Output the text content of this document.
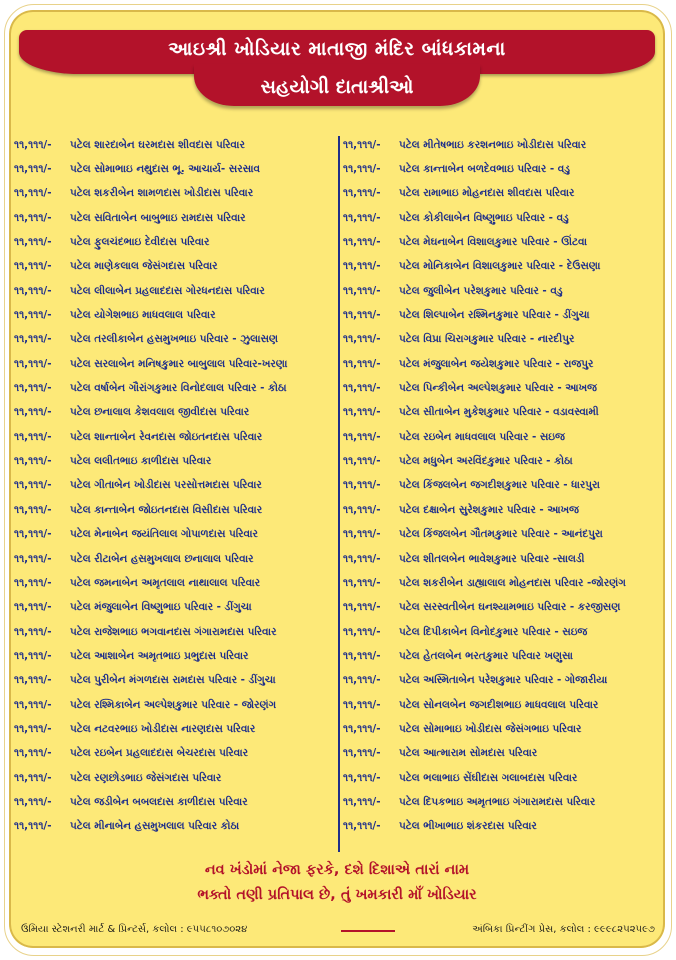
આઇશ્રી ખોડિયાર માતાજી મંદિર બાંધકામના
સહયોગી દાતાશ્રીઓ
૧૧,૧૧૧/-	પટેલ શારદાબેન ઘરમદાસ શીવદાસ પરિવાર
૧૧,૧૧૧/-	પટેલ સોમાભાઇ નથુદાસ ભૂ. આચાર્ય- સરસાવ
૧૧,૧૧૧/-	પટેલ શકરીબેન શામળદાસ ખોડીદાસ પરિવાર
૧૧,૧૧૧/-	પટેલ સવિતાબેન બાબુભાઇ રામદાસ પરિવાર
૧૧,૧૧૧/-	પટેલ ફુલચંદભાઇ દેવીદાસ પરિવાર
૧૧,૧૧૧/-	પટેલ માણેકલાલ જેસંગદાસ પરિવાર
૧૧,૧૧૧/-	પટેલ લીલાબેન પ્રહલાદદાસ ગોરધનદાસ પરિવાર
૧૧,૧૧૧/-	પટેલ યોગેશભાઇ માધવલાલ પરિવાર
૧૧,૧૧૧/-	પટેલ તરલીકાબેન હસમુખભાઇ પરિવાર - ઝુલાસણ
૧૧,૧૧૧/-	પટેલ સરલાબેન મનિષકુમાર બાબુલાલ પરિવાર-ખરણા
૧૧,૧૧૧/-	પટેલ વર્ષાબેન ગૌરાંગકુમાર વિનોદલાલ પરિવાર - કોઠા
૧૧,૧૧૧/-	પટેલ છનાલાલ કેશવલાલ જીવીદાસ પરિવાર
૧૧,૧૧૧/-	પટેલ શાન્તાબેન રેવનદાસ જોઇતનદાસ પરિવાર
૧૧,૧૧૧/-	પટેલ લલીતભાઇ કાળીદાસ પરિવાર
૧૧,૧૧૧/-	પટેલ ગીતાબેન ખોડીદાસ પરસોત્તમદાસ પરિવાર
૧૧,૧૧૧/-	પટેલ કાન્તાબેન જોઇતનદાસ વિસીદાસ પરિવાર
૧૧,૧૧૧/-	પટેલ મેનાબેન જયંતિલાલ ગોપાળદાસ પરિવાર
૧૧,૧૧૧/-	પટેલ રીટાબેન હસમુખલાલ છનાલાલ પરિવાર
૧૧,૧૧૧/-	પટેલ જમનાબેન અમૃતલાલ નાથાલાલ પરિવાર
૧૧,૧૧૧/-	પટેલ મંજુલાબેન વિષ્ણુભાઇ પરિવાર - ડીંગુચા
૧૧,૧૧૧/-	પટેલ રાજેશભાઇ ભગવાનદાસ ગંગારામદાસ પરિવાર
૧૧,૧૧૧/-	પટેલ આશાબેન અમૃતભાઇ પ્રભુદાસ પરિવાર
૧૧,૧૧૧/-	પટેલ પુરીબેન મંગળદાસ રામદાસ પરિવાર - ડીંગુચા
૧૧,૧૧૧/-	પટેલ રશ્મિકાબેન અલ્પેશકુમાર પરિવાર - જોરણંગ
૧૧,૧૧૧/-	પટેલ નટવરભાઇ ખોડીદાસ નારણદાસ પરિવાર
૧૧,૧૧૧/-	પટેલ રઇબેન પ્રહલાદદાસ બેચરદાસ પરિવાર
૧૧,૧૧૧/-	પટેલ રણછોડભાઇ જેસંગદાસ પરિવાર
૧૧,૧૧૧/-	પટેલ જડીબેન બબલદાસ કાળીદાસ પરિવાર
૧૧,૧૧૧/-	પટેલ મીનાબેન હસમુખલાલ પરિવાર કોઠા
૧૧,૧૧૧/-	પટેલ મીતેષભાઇ કરશનભાઇ ખોડીદાસ પરિવાર
૧૧,૧૧૧/-	પટેલ કાન્તાબેન બળદેવભાઇ પરિવાર - વડુ
૧૧,૧૧૧/-	પટેલ રામાભાઇ મોહનદાસ શીવદાસ પરિવાર
૧૧,૧૧૧/-	પટેલ કોકીલાબેન વિષ્ણુભાઇ પરિવાર - વડુ
૧૧,૧૧૧/-	પટેલ મેઘનાબેન વિશાલકુમાર પરિવાર - ઊંટવા
૧૧,૧૧૧/-	પટેલ મોનિકાબેન વિશાલકુમાર પરિવાર - દેઉસણા
૧૧,૧૧૧/-	પટેલ જુલીબેન પરેશકુમાર પરિવાર - વડુ
૧૧,૧૧૧/-	પટેલ શિલ્પાબેન રશ્મિનકુમાર પરિવાર - ડીંગુચા
૧૧,૧૧૧/-	પટેલ વિપ્રા ચિરાગકુમાર પરિવાર - નારદીપુર
૧૧,૧૧૧/-	પટેલ મંજુલાબેન જયેશકુમાર પરિવાર - રાજપુર
૧૧,૧૧૧/-	પટેલ પિન્કીબેન અલ્પેશકુમાર પરિવાર - આખજ
૧૧,૧૧૧/-	પટેલ સીતાબેન મુકેશકુમાર પરિવાર - વડાવસ્વામી
૧૧,૧૧૧/-	પટેલ રઇબેન માધવલાલ પરિવાર - સઇજ
૧૧,૧૧૧/-	પટેલ મધુબેન અરવિંદકુમાર પરિવાર - કોઠા
૧૧,૧૧૧/-	પટેલ કિંજલબેન જગદીશકુમાર પરિવાર - ધારપુરા
૧૧,૧૧૧/-	પટેલ દક્ષાબેન સુરેશકુમાર પરિવાર - આખજ
૧૧,૧૧૧/-	પટેલ કિંજલબેન ગૌતમકુમાર પરિવાર - આનંદપુરા
૧૧,૧૧૧/-	પટેલ શીતલબેન ભાવેશકુમાર પરિવાર -સાલડી
૧૧,૧૧૧/-	પટેલ શકરીબેન ડાહ્યાલાલ મોહનદાસ પરિવાર -જોરણંગ
૧૧,૧૧૧/-	પટેલ સરસ્વતીબેન ઘનશ્યામભાઇ પરિવાર - કરજીસણ
૧૧,૧૧૧/-	પટેલ દિપીકાબેન વિનોદકુમાર પરિવાર - સઇજ
૧૧,૧૧૧/-	પટેલ હેતલબેન ભરતકુમાર પરિવાર ખણુસા
૧૧,૧૧૧/-	પટેલ અસ્મિતાબેન પરેશકુમાર પરિવાર - ગોજારીયા
૧૧,૧૧૧/-	પટેલ સોનલબેન જગદીશભાઇ માધવલાલ પરિવાર
૧૧,૧૧૧/-	પટેલ સોમાભાઇ ખોડીદાસ જેસંગભાઇ પરિવાર
૧૧,૧૧૧/-	પટેલ આત્મારામ સોમદાસ પરિવાર
૧૧,૧૧૧/-	પટેલ ભલાભાઇ સેંઘીદાસ ગલાબદાસ પરિવાર
૧૧,૧૧૧/-	પટેલ દિપકભાઇ અમૃતભાઇ ગંગારામદાસ પરિવાર
૧૧,૧૧૧/-	પટેલ ભીખાભાઇ શંકરદાસ પરિવાર
નવ ખંડોમાં નેજા ફરકે, દશે દિશાએ તારાં નામ
ભક્તો તણી પ્રતિપાલ છે, તું ખમકારી માઁ ખોડિયાર
ઉમિયા સ્ટેશનરી માર્ટ & પ્રિન્ટર્સ, કલોલ : ૯૫૫૮૧૦૭૦૨૪	અંબિકા પ્રિન્ટીંગ પ્રેસ, કલોલ : ૯૯૯૮૨૫૨૫૯૭
